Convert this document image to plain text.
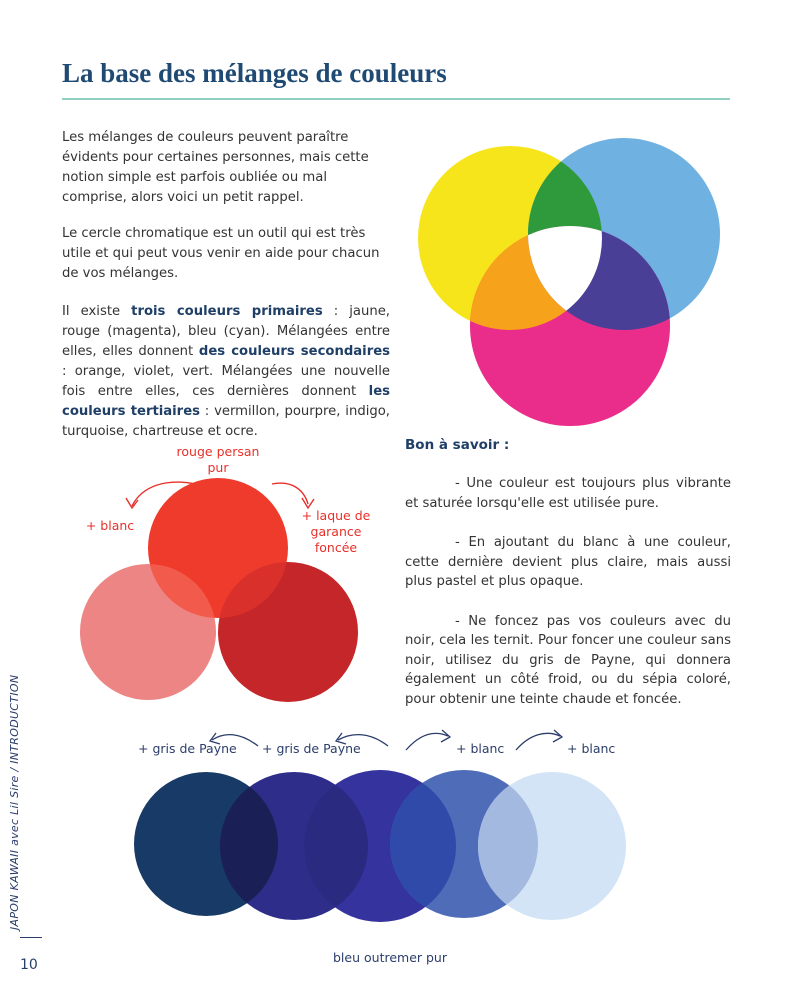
La base des mélanges de couleurs

Les mélanges de couleurs peuvent paraître évidents pour certaines personnes, mais cette notion simple est parfois oubliée ou mal comprise, alors voici un petit rappel.

Le cercle chromatique est un outil qui est très utile et qui peut vous venir en aide pour chacun de vos mélanges.

Il existe trois couleurs primaires : jaune, rouge (magenta), bleu (cyan). Mélangées entre elles, elles donnent des couleurs secondaires : orange, violet, vert. Mélangées une nouvelle fois entre elles, ces dernières donnent les couleurs tertiaires : vermillon, pourpre, indigo, turquoise, chartreuse et ocre.

rouge persan pur
+ blanc
+ laque de garance foncée
Bon à savoir :

- Une couleur est toujours plus vibrante et saturée lorsqu'elle est utilisée pure.

- En ajoutant du blanc à une couleur, cette dernière devient plus claire, mais aussi plus pastel et plus opaque.

- Ne foncez pas vos couleurs avec du noir, cela les ternit. Pour foncer une couleur sans noir, utilisez du gris de Payne, qui donnera également un côté froid, ou du sépia coloré, pour obtenir une teinte chaude et foncée.

+ gris de Payne + gris de Payne	+ blanc	+ blanc
bleu outremer pur
JAPON KAWAII avec Lil Sire / INTRODUCTION
10
